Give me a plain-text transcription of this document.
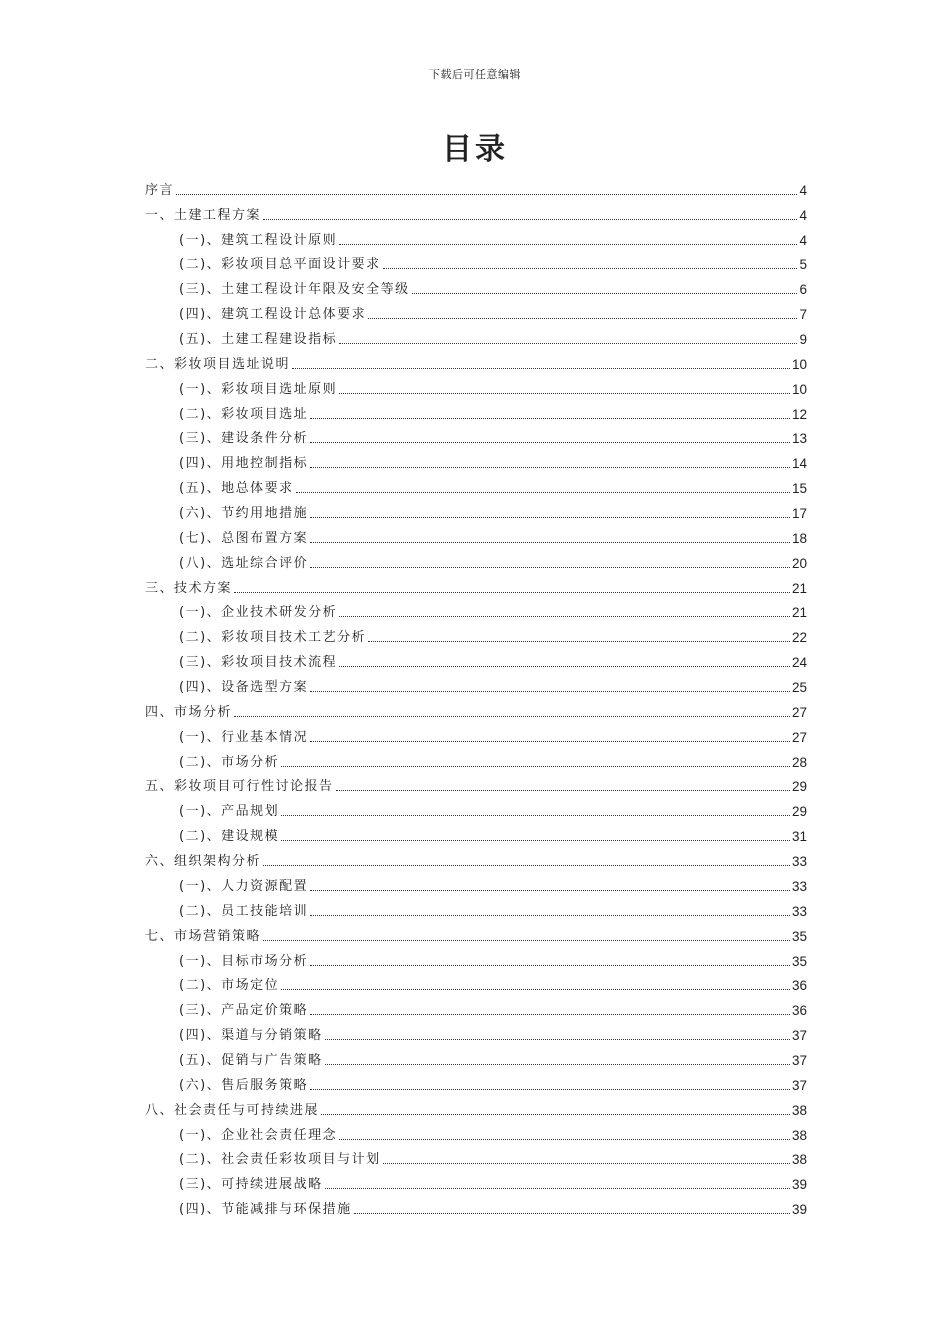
下载后可任意编辑
目录
序言	4
一、土建工程方案	4
(一)、建筑工程设计原则	4
(二)、彩妆项目总平面设计要求	5
(三)、土建工程设计年限及安全等级	6
(四)、建筑工程设计总体要求	7
(五)、土建工程建设指标	9
二、彩妆项目选址说明	10
(一)、彩妆项目选址原则	10
(二)、彩妆项目选址	12
(三)、建设条件分析	13
(四)、用地控制指标	14
(五)、地总体要求	15
(六)、节约用地措施	17
(七)、总图布置方案	18
(八)、选址综合评价	20
三、技术方案	21
(一)、企业技术研发分析	21
(二)、彩妆项目技术工艺分析	22
(三)、彩妆项目技术流程	24
(四)、设备选型方案	25
四、市场分析	27
(一)、行业基本情况	27
(二)、市场分析	28
五、彩妆项目可行性讨论报告	29
(一)、产品规划	29
(二)、建设规模	31
六、组织架构分析	33
(一)、人力资源配置	33
(二)、员工技能培训	33
七、市场营销策略	35
(一)、目标市场分析	35
(二)、市场定位	36
(三)、产品定价策略	36
(四)、渠道与分销策略	37
(五)、促销与广告策略	37
(六)、售后服务策略	37
八、社会责任与可持续进展	38
(一)、企业社会责任理念	38
(二)、社会责任彩妆项目与计划	38
(三)、可持续进展战略	39
(四)、节能减排与环保措施	39
